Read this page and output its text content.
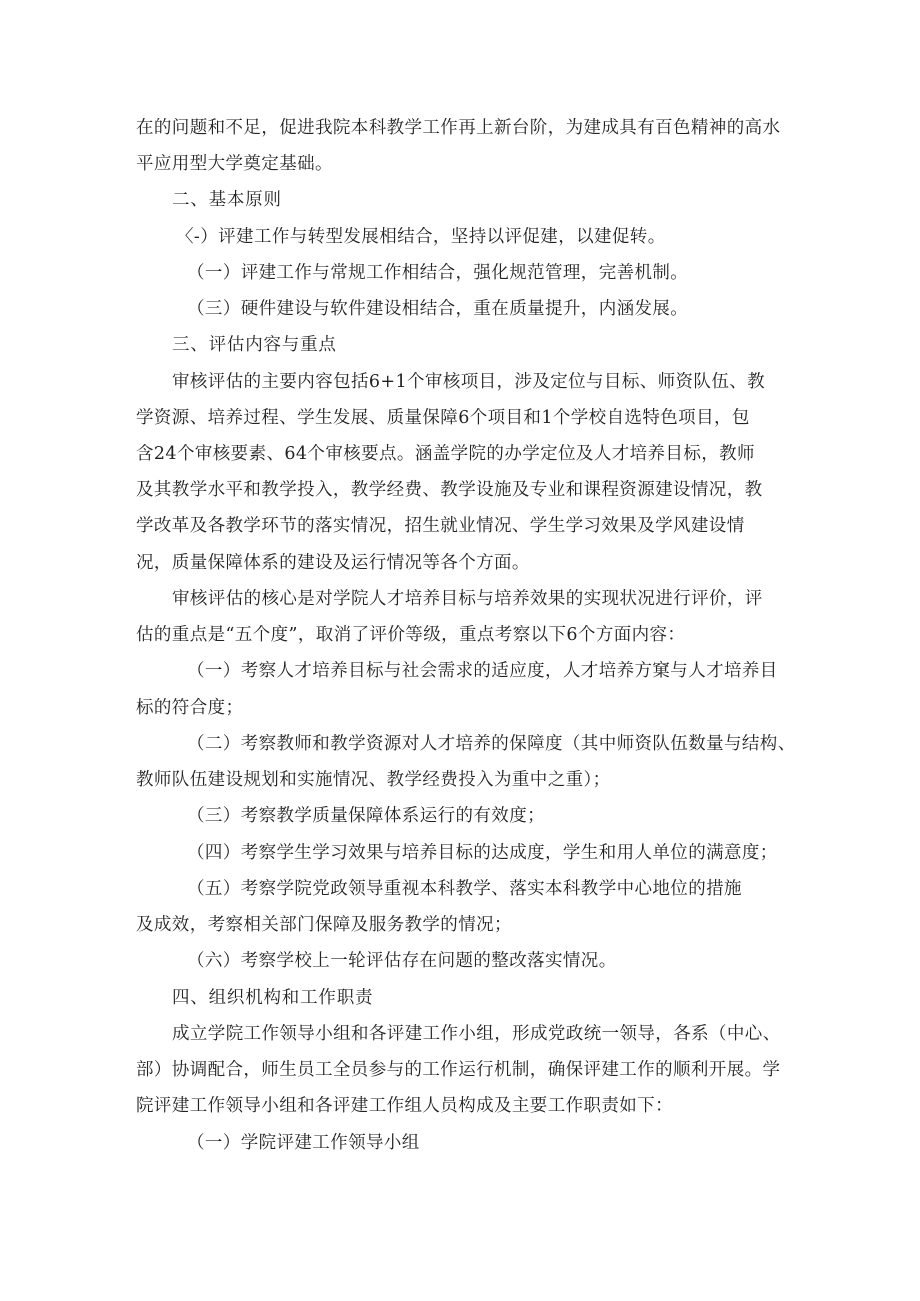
在的问题和不足，促进我院本科教学工作再上新台阶，为建成具有百色精神的高水
平应用型大学奠定基础。
二、基本原则
〈-）评建工作与转型发展相结合，坚持以评促建，以建促转。
（一）评建工作与常规工作相结合，强化规范管理，完善机制。
（三）硬件建设与软件建设相结合，重在质量提升，内涵发展。
三、评估内容与重点
审核评估的主要内容包括6+1个审核项目，涉及定位与目标、师资队伍、教
学资源、培养过程、学生发展、质量保障6个项目和1个学校自选特色项目，包
含24个审核要素、64个审核要点。涵盖学院的办学定位及人才培养目标，教师
及其教学水平和教学投入，教学经费、教学设施及专业和课程资源建设情况，教
学改革及各教学环节的落实情况，招生就业情况、学生学习效果及学风建设情
况，质量保障体系的建设及运行情况等各个方面。
审核评估的核心是对学院人才培养目标与培养效果的实现状况进行评价，评
估的重点是“五个度”，取消了评价等级，重点考察以下6个方面内容：
（一）考察人才培养目标与社会需求的适应度，人才培养方窠与人才培养目
标的符合度；
（二）考察教师和教学资源对人才培养的保障度（其中师资队伍数量与结构、
教师队伍建设规划和实施情况、教学经费投入为重中之重）；
（三）考察教学质量保障体系运行的有效度；
（四）考察学生学习效果与培养目标的达成度，学生和用人单位的满意度；
（五）考察学院党政领导重视本科教学、落实本科教学中心地位的措施
及成效，考察相关部门保障及服务教学的情况；
（六）考察学校上一轮评估存在问题的整改落实情况。
四、组织机构和工作职责
成立学院工作领导小组和各评建工作小组，形成党政统一领导，各系（中心、
部）协调配合，师生员工全员参与的工作运行机制，确保评建工作的顺利开展。学
院评建工作领导小组和各评建工作组人员构成及主要工作职责如下：
（一）学院评建工作领导小组
